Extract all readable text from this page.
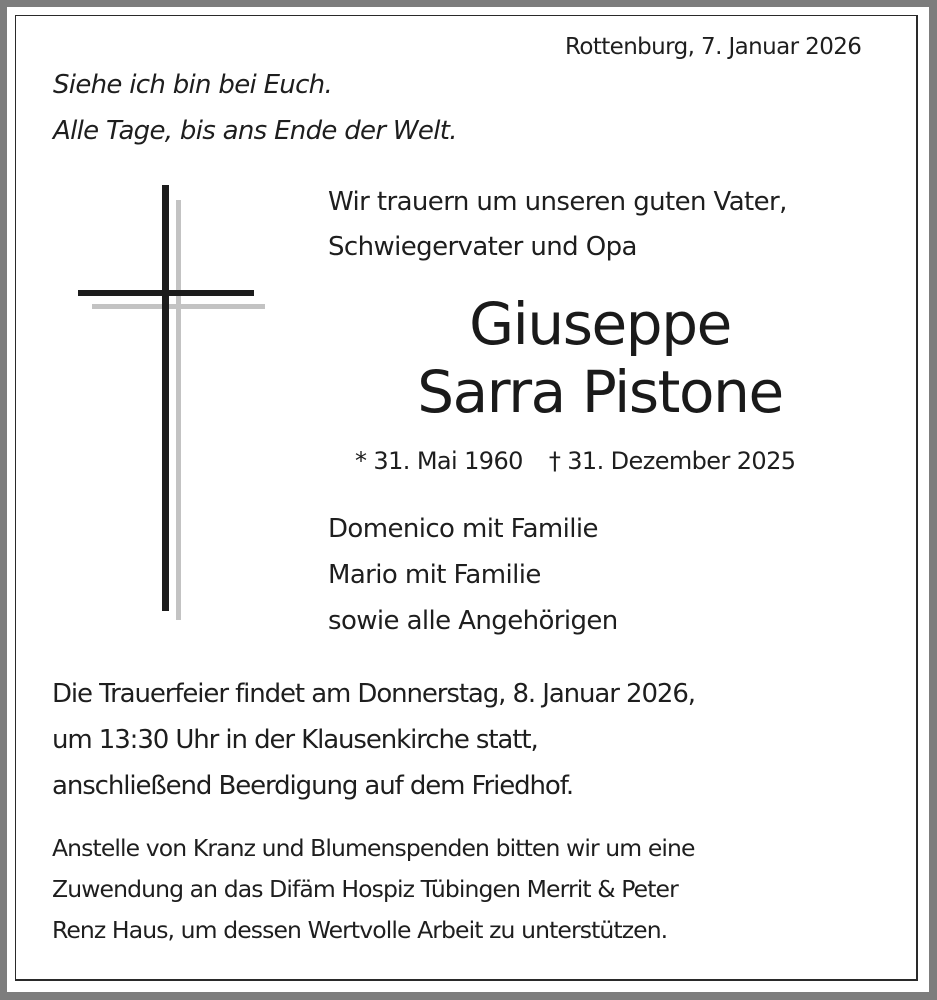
Rottenburg, 7. Januar 2026
Siehe ich bin bei Euch.
Alle Tage, bis ans Ende der Welt.
Wir trauern um unseren guten Vater,
Schwiegervater und Opa
Giuseppe
Sarra Pistone
* 31. Mai 1960 † 31. Dezember 2025
Domenico mit Familie
Mario mit Familie
sowie alle Angehörigen
Die Trauerfeier findet am Donnerstag, 8. Januar 2026,
um 13:30 Uhr in der Klausenkirche statt,
anschließend Beerdigung auf dem Friedhof.
Anstelle von Kranz und Blumenspenden bitten wir um eine
Zuwendung an das Difäm Hospiz Tübingen Merrit & Peter
Renz Haus, um dessen Wertvolle Arbeit zu unterstützen.
